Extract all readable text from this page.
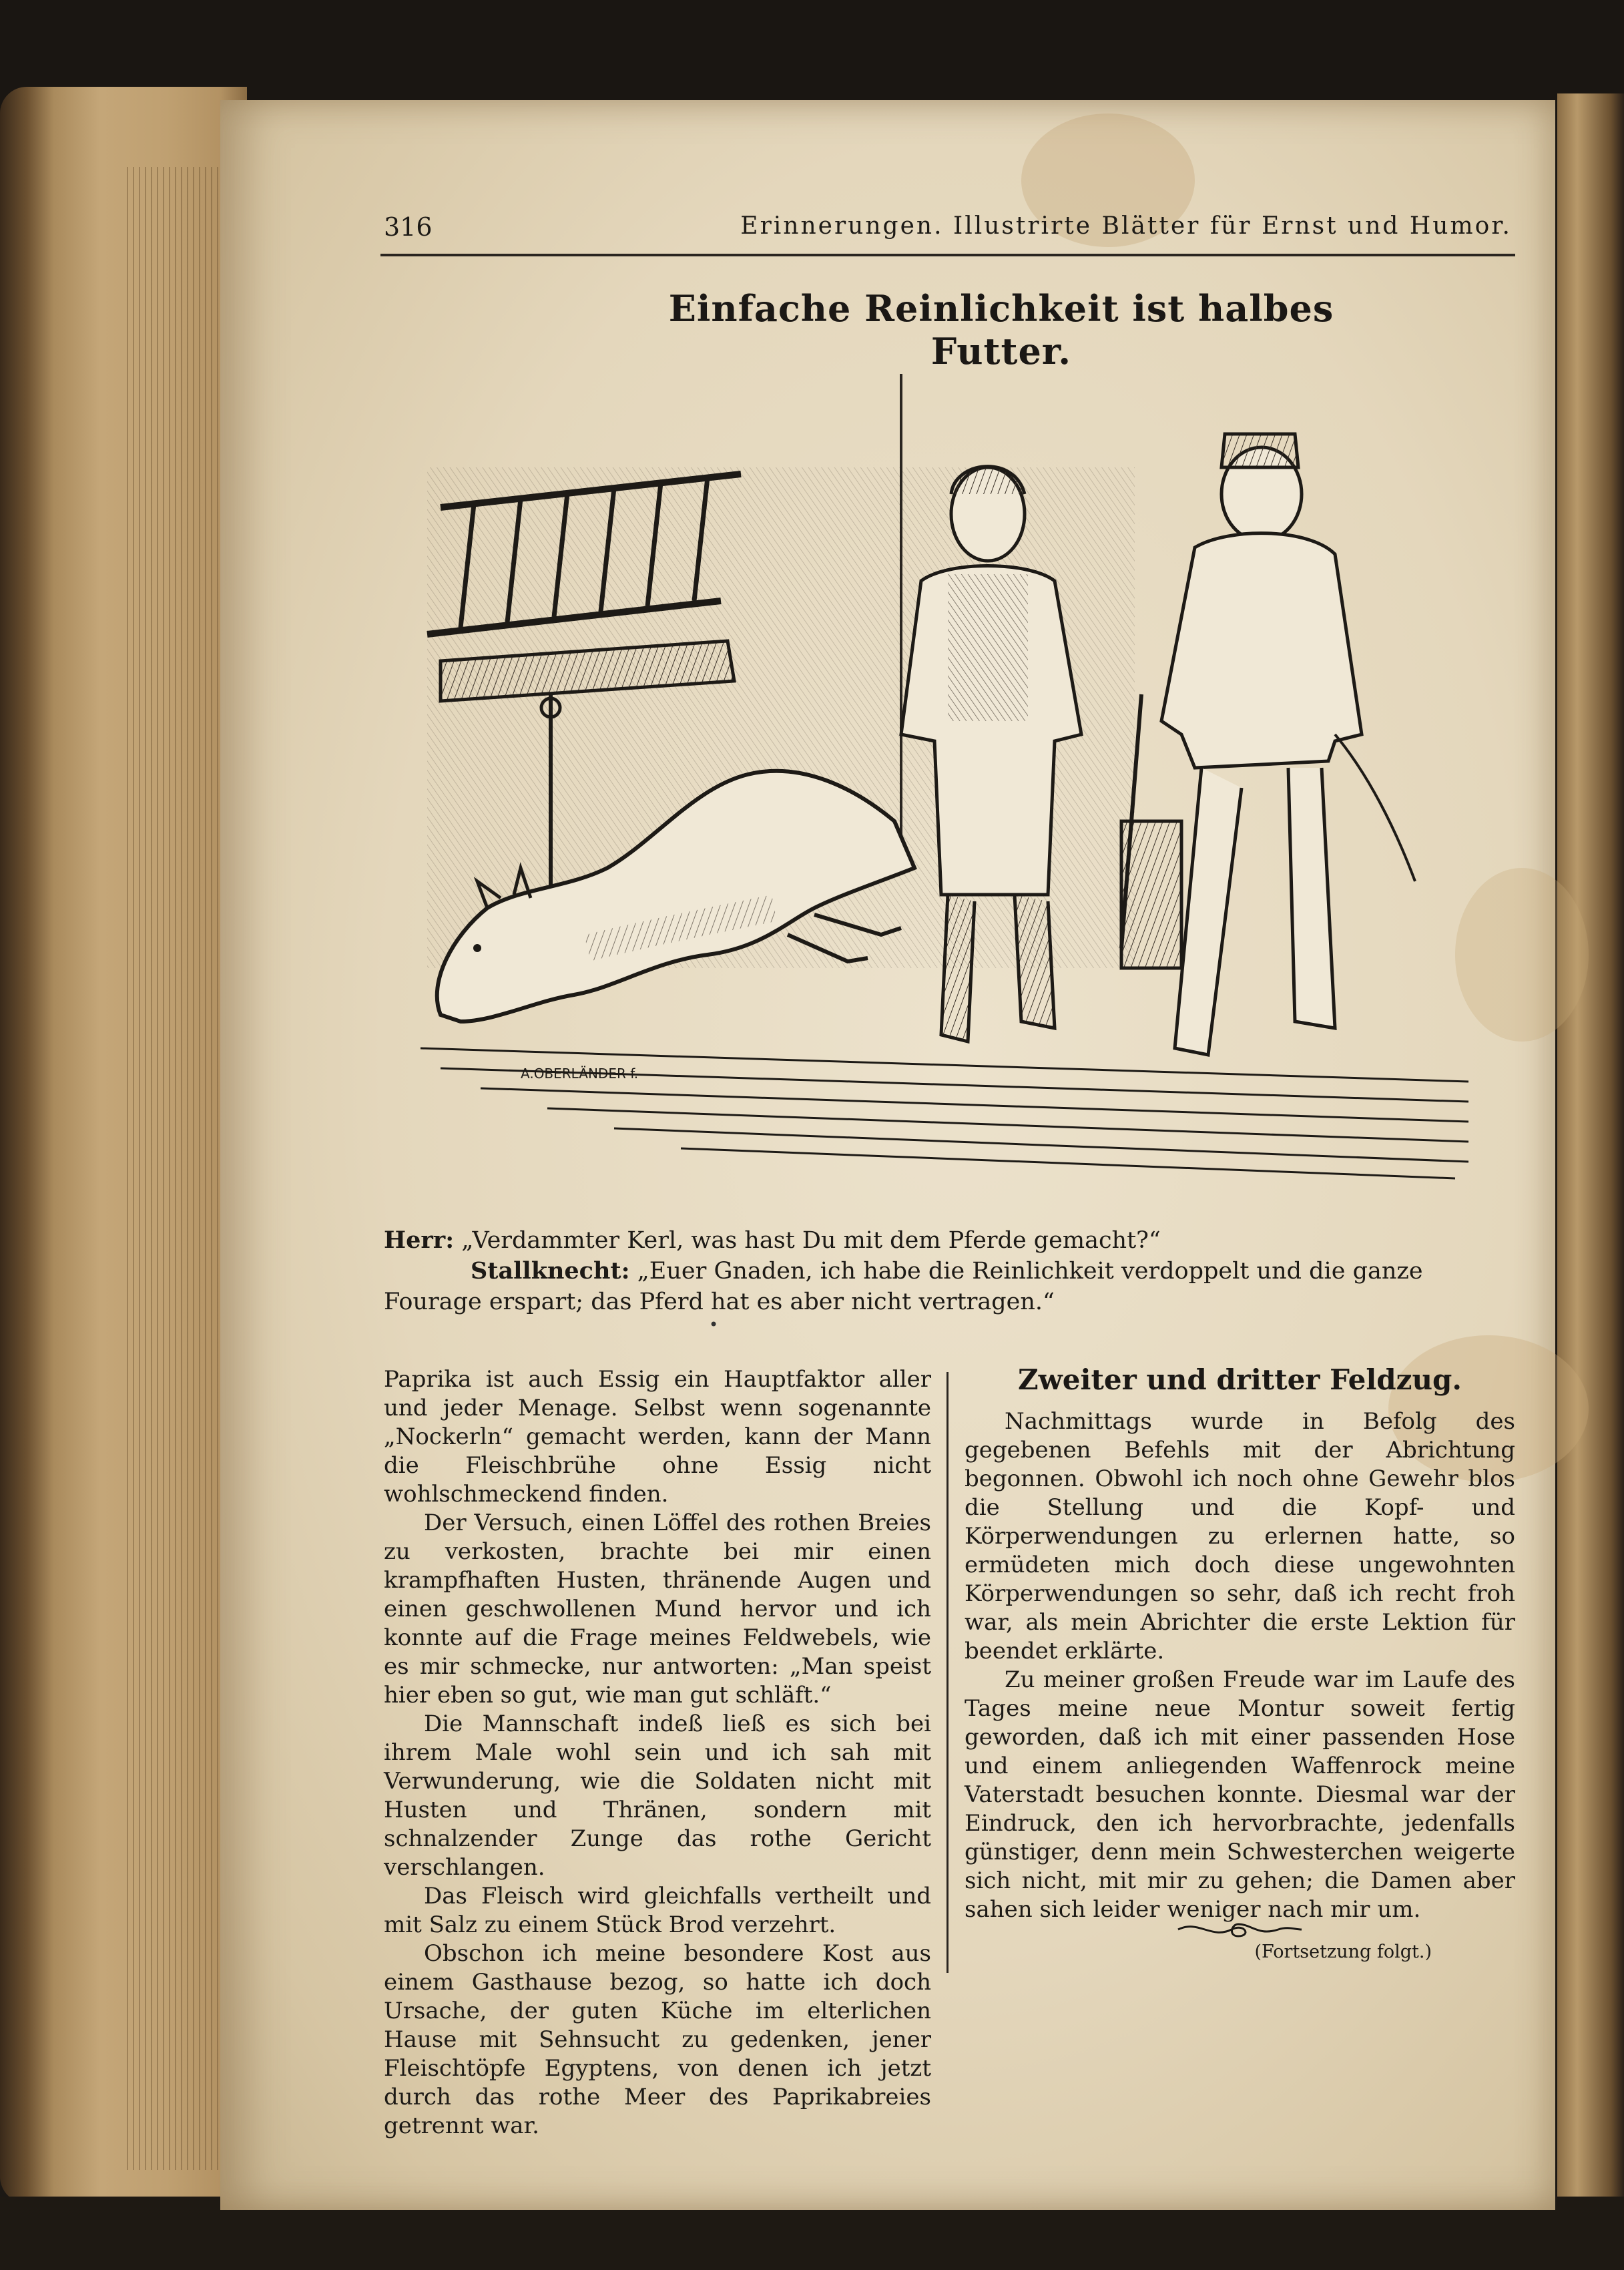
316	Erinnerungen. Illustrirte Blätter für Ernst und Humor.
Einfache Reinlichkeit ist halbes Futter.
A.OBERLÄNDER f.
Herr: „Verdammter Kerl, was hast Du mit dem Pferde gemacht?“
Stallknecht: „Euer Gnaden, ich habe die Reinlichkeit verdoppelt und die ganze Fourage erspart; das Pferd hat es aber nicht vertragen.“
•

Paprika ist auch Essig ein Hauptfaktor aller und jeder Menage. Selbst wenn sogenannte „Nockerln“ gemacht werden, kann der Mann die Fleischbrühe ohne Essig nicht wohlschmeckend finden.

Der Versuch, einen Löffel des rothen Breies zu verkosten, brachte bei mir einen krampfhaften Husten, thränende Augen und einen geschwollenen Mund hervor und ich konnte auf die Frage meines Feldwebels, wie es mir schmecke, nur antworten: „Man speist hier eben so gut, wie man gut schläft.“

Die Mannschaft indeß ließ es sich bei ihrem Male wohl sein und ich sah mit Verwunderung, wie die Soldaten nicht mit Husten und Thränen, sondern mit schnalzender Zunge das rothe Gericht verschlangen.

Das Fleisch wird gleichfalls vertheilt und mit Salz zu einem Stück Brod verzehrt.

Obschon ich meine besondere Kost aus einem Gasthause bezog, so hatte ich doch Ursache, der guten Küche im elterlichen Hause mit Sehnsucht zu gedenken, jener Fleischtöpfe Egyptens, von denen ich jetzt durch das rothe Meer des Paprikabreies getrennt war.

Zweiter und dritter Feldzug.

Nachmittags wurde in Befolg des gegebenen Befehls mit der Abrichtung begonnen. Obwohl ich noch ohne Gewehr blos die Stellung und die Kopf- und Körperwendungen zu erlernen hatte, so ermüdeten mich doch diese ungewohnten Körperwendungen so sehr, daß ich recht froh war, als mein Abrichter die erste Lektion für beendet erklärte.

Zu meiner großen Freude war im Laufe des Tages meine neue Montur soweit fertig geworden, daß ich mit einer passenden Hose und einem anliegenden Waffenrock meine Vaterstadt besuchen konnte. Diesmal war der Eindruck, den ich hervorbrachte, jedenfalls günstiger, denn mein Schwesterchen weigerte sich nicht, mit mir zu gehen; die Damen aber sahen sich leider weniger nach mir um.

(Fortsetzung folgt.)
